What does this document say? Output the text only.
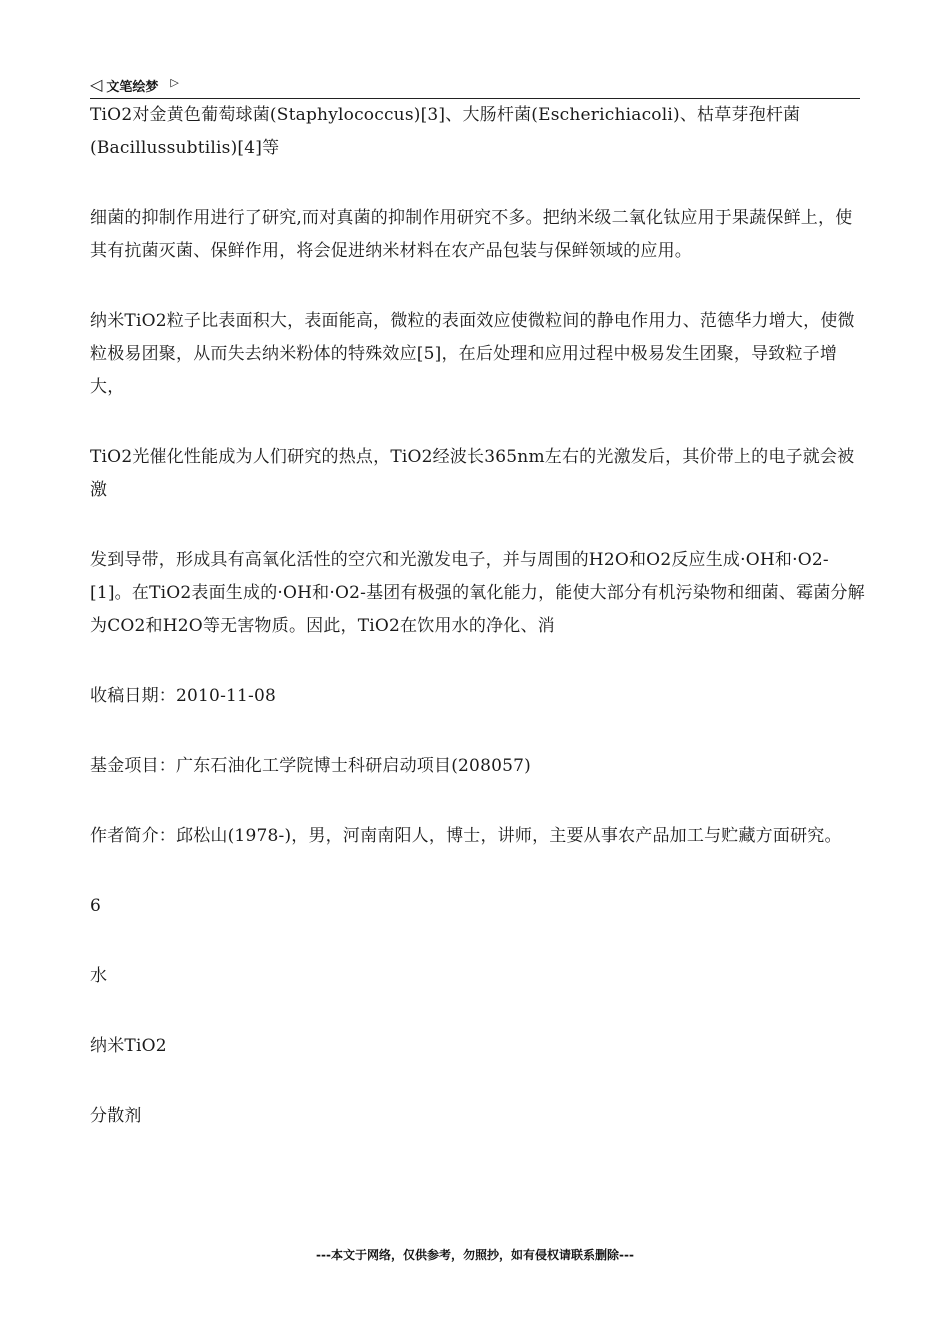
◁ 文笔绘梦 ▷

TiO2对金黄色葡萄球菌(Staphylococcus)[3]、大肠杆菌(Escherichiacoli)、枯草芽孢杆菌(Bacillussubtilis)[4]等

细菌的抑制作用进行了研究,而对真菌的抑制作用研究不多。把纳米级二氧化钛应用于果蔬保鲜上，使其有抗菌灭菌、保鲜作用，将会促进纳米材料在农产品包装与保鲜领域的应用。

纳米TiO2粒子比表面积大，表面能高，微粒的表面效应使微粒间的静电作用力、范德华力增大，使微粒极易团聚，从而失去纳米粉体的特殊效应[5]，在后处理和应用过程中极易发生团聚，导致粒子增大，

TiO2光催化性能成为人们研究的热点，TiO2经波长365nm左右的光激发后，其价带上的电子就会被激

发到导带，形成具有高氧化活性的空穴和光激发电子，并与周围的H2O和O2反应生成·OH和·O2-[1]。在TiO2表面生成的·OH和·O2-基团有极强的氧化能力，能使大部分有机污染物和细菌、霉菌分解为CO2和H2O等无害物质。因此，TiO2在饮用水的净化、消

收稿日期：2010-11-08

基金项目：广东石油化工学院博士科研启动项目(208057)

作者简介：邱松山(1978-)，男，河南南阳人，博士，讲师，主要从事农产品加工与贮藏方面研究。

6

水

纳米TiO2

分散剂

---本文于网络，仅供参考，勿照抄，如有侵权请联系删除---
